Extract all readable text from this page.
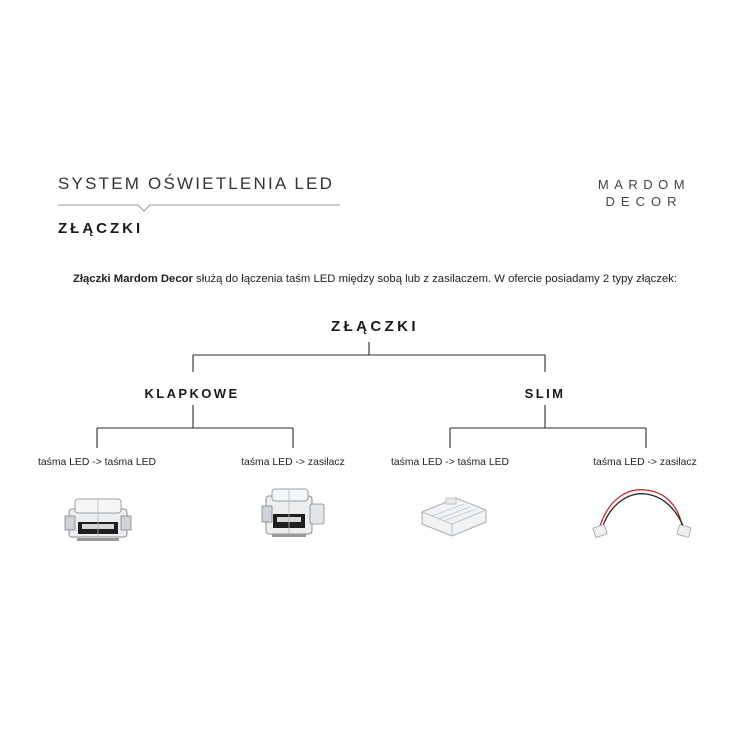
SYSTEM OŚWIETLENIA LED
ZŁĄCZKI
MARDOM
DECOR
Złączki Mardom Decor służą do łączenia taśm LED między sobą lub z zasilaczem. W ofercie posiadamy 2 typy złączek:
ZŁĄCZKI
KLAPKOWE	SLIM
taśma LED -> taśma LED	taśma LED -> zasilacz	taśma LED -> taśma LED	taśma LED -> zasilacz
